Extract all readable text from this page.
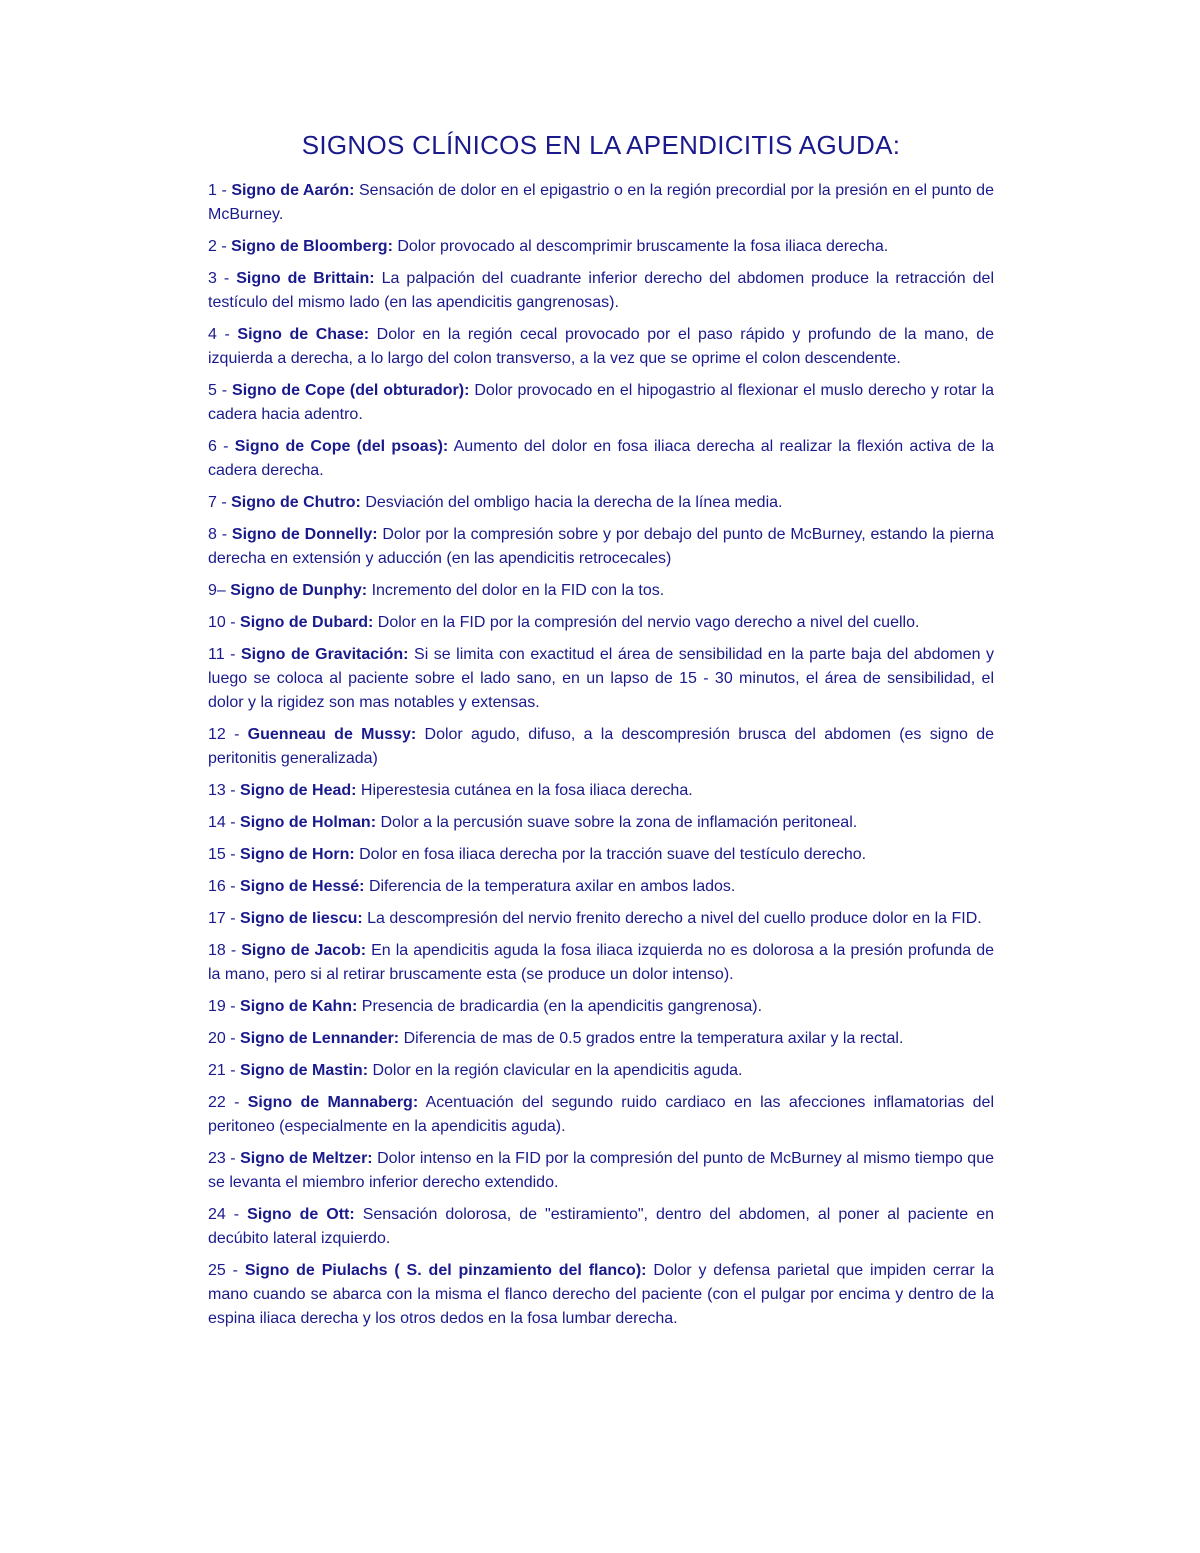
SIGNOS CLÍNICOS EN LA APENDICITIS AGUDA:

1 - Signo de Aarón: Sensación de dolor en el epigastrio o en la región precordial por la presión en el punto de McBurney.

2 - Signo de Bloomberg: Dolor provocado al descomprimir bruscamente la fosa iliaca derecha.

3 - Signo de Brittain: La palpación del cuadrante inferior derecho del abdomen produce la retracción del testículo del mismo lado (en las apendicitis gangrenosas).

4 - Signo de Chase: Dolor en la región cecal provocado por el paso rápido y profundo de la mano, de izquierda a derecha, a lo largo del colon transverso, a la vez que se oprime el colon descendente.

5 - Signo de Cope (del obturador): Dolor provocado en el hipogastrio al flexionar el muslo derecho y rotar la cadera hacia adentro.

6 - Signo de Cope (del psoas): Aumento del dolor en fosa iliaca derecha al realizar la flexión activa de la cadera derecha.

7 - Signo de Chutro: Desviación del ombligo hacia la derecha de la línea media.

8 - Signo de Donnelly: Dolor por la compresión sobre y por debajo del punto de McBurney, estando la pierna derecha en extensión y aducción (en las apendicitis retrocecales)

9– Signo de Dunphy: Incremento del dolor en la FID con la tos.

10 - Signo de Dubard: Dolor en la FID por la compresión del nervio vago derecho a nivel del cuello.

11 - Signo de Gravitación: Si se limita con exactitud el área de sensibilidad en la parte baja del abdomen y luego se coloca al paciente sobre el lado sano, en un lapso de 15 - 30 minutos, el área de sensibilidad, el dolor y la rigidez son mas notables y extensas.

12 - Guenneau de Mussy: Dolor agudo, difuso, a la descompresión brusca del abdomen (es signo de peritonitis generalizada)

13 - Signo de Head: Hiperestesia cutánea en la fosa iliaca derecha.

14 - Signo de Holman: Dolor a la percusión suave sobre la zona de inflamación peritoneal.

15 - Signo de Horn: Dolor en fosa iliaca derecha por la tracción suave del testículo derecho.

16 - Signo de Hessé: Diferencia de la temperatura axilar en ambos lados.

17 - Signo de Iiescu: La descompresión del nervio frenito derecho a nivel del cuello produce dolor en la FID.

18 - Signo de Jacob: En la apendicitis aguda la fosa iliaca izquierda no es dolorosa a la presión profunda de la mano, pero si al retirar bruscamente esta (se produce un dolor intenso).

19 - Signo de Kahn: Presencia de bradicardia (en la apendicitis gangrenosa).

20 - Signo de Lennander: Diferencia de mas de 0.5 grados entre la temperatura axilar y la rectal.

21 - Signo de Mastin: Dolor en la región clavicular en la apendicitis aguda.

22 - Signo de Mannaberg: Acentuación del segundo ruido cardiaco en las afecciones inflamatorias del peritoneo (especialmente en la apendicitis aguda).

23 - Signo de Meltzer: Dolor intenso en la FID por la compresión del punto de McBurney al mismo tiempo que se levanta el miembro inferior derecho extendido.

24 - Signo de Ott: Sensación dolorosa, de "estiramiento", dentro del abdomen, al poner al paciente en decúbito lateral izquierdo.

25 - Signo de Piulachs ( S. del pinzamiento del flanco): Dolor y defensa parietal que impiden cerrar la mano cuando se abarca con la misma el flanco derecho del paciente (con el pulgar por encima y dentro de la espina iliaca derecha y los otros dedos en la fosa lumbar derecha.
